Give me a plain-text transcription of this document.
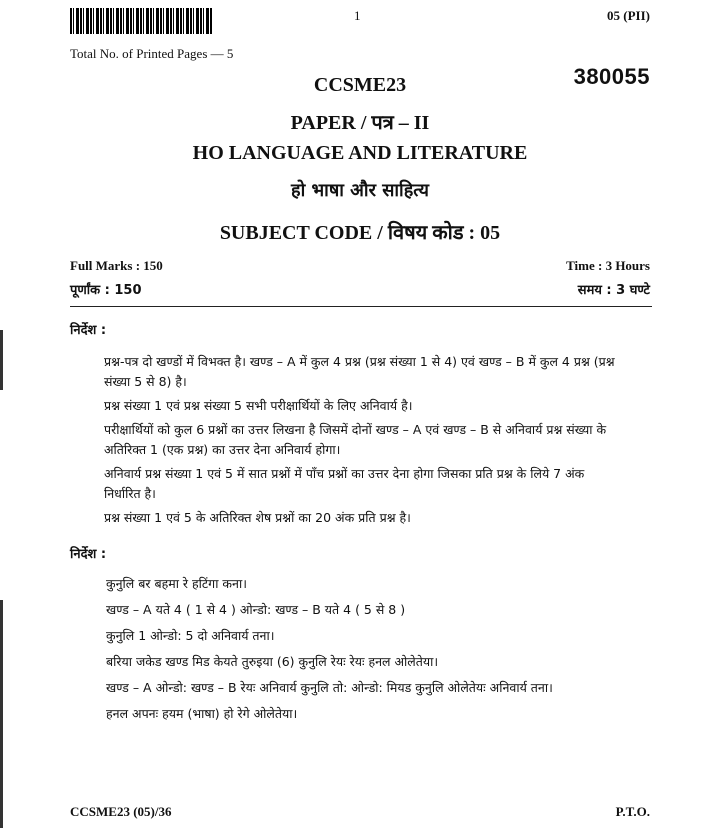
1	05 (PII)
Total No. of Printed Pages — 5
CCSME23	380055
PAPER / पत्र – II
HO LANGUAGE AND LITERATURE
हो भाषा और साहित्य
SUBJECT CODE / विषय कोड : 05
Full Marks : 150
पूर्णांक : 150
Time : 3 Hours
समय : 3 घण्टे
निर्देश :

प्रश्न-पत्र दो खण्डों में विभक्त है। खण्ड – A में कुल 4 प्रश्न (प्रश्न संख्या 1 से 4) एवं खण्ड – B में कुल 4 प्रश्न (प्रश्न संख्या 5 से 8) है।

प्रश्न संख्या 1 एवं प्रश्न संख्या 5 सभी परीक्षार्थियों के लिए अनिवार्य है।

परीक्षार्थियों को कुल 6 प्रश्नों का उत्तर लिखना है जिसमें दोनों खण्ड – A एवं खण्ड – B से अनिवार्य प्रश्न संख्या के अतिरिक्त 1 (एक प्रश्न) का उत्तर देना अनिवार्य होगा।

अनिवार्य प्रश्न संख्या 1 एवं 5 में सात प्रश्नों में पाँच प्रश्नों का उत्तर देना होगा जिसका प्रति प्रश्न के लिये 7 अंक निर्धारित है।

प्रश्न संख्या 1 एवं 5 के अतिरिक्त शेष प्रश्नों का 20 अंक प्रति प्रश्न है।

निर्देश :

कुनुलि बर बहमा रे हटिंगा कना।

खण्ड – A यते 4 ( 1 से 4 ) ओन्डो: खण्ड – B यते 4 ( 5 से 8 )

कुनुलि 1 ओन्डो: 5 दो अनिवार्य तना।

बरिया जकेड खण्ड मिड केयते तुरुइया (6) कुनुलि रेयः रेयः हनल ओलेतेया।

खण्ड – A ओन्डो: खण्ड – B रेयः अनिवार्य कुनुलि तो: ओन्डो: मियड कुनुलि ओलेतेयः अनिवार्य तना।

हनल अपनः हयम (भाषा) हो रेगे ओलेतेया।

CCSME23 (05)/36	P.T.O.
